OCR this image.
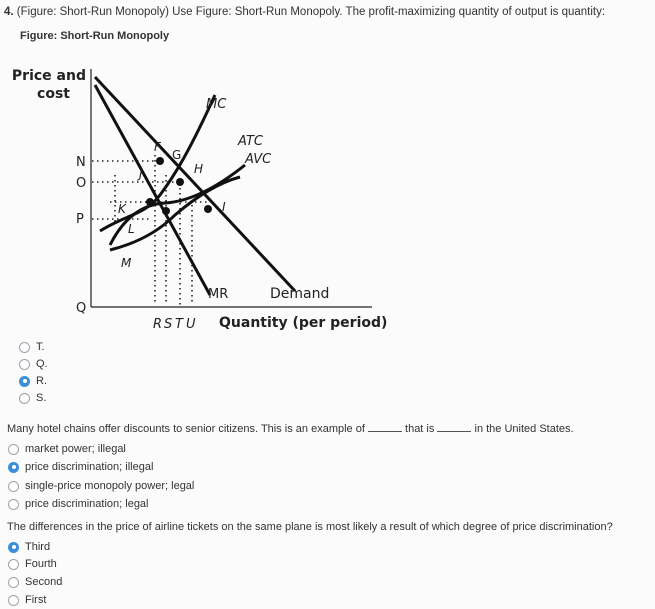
4. (Figure: Short-Run Monopoly) Use Figure: Short-Run Monopoly. The profit-maximizing quantity of output is quantity:
Figure: Short-Run Monopoly
Price and
cost
Quantity (per period)
N
O
P
Q
R S T U
MC
ATC
AVC
MR	Demand
F
G
H
I
J
K
L
M
T.
Q.
R.
S.
Many hotel chains offer discounts to senior citizens. This is an example of	that is	in the United States.
market power; illegal
price discrimination; illegal
single-price monopoly power; legal
price discrimination; legal
The differences in the price of airline tickets on the same plane is most likely a result of which degree of price discrimination?
Third
Fourth
Second
First
